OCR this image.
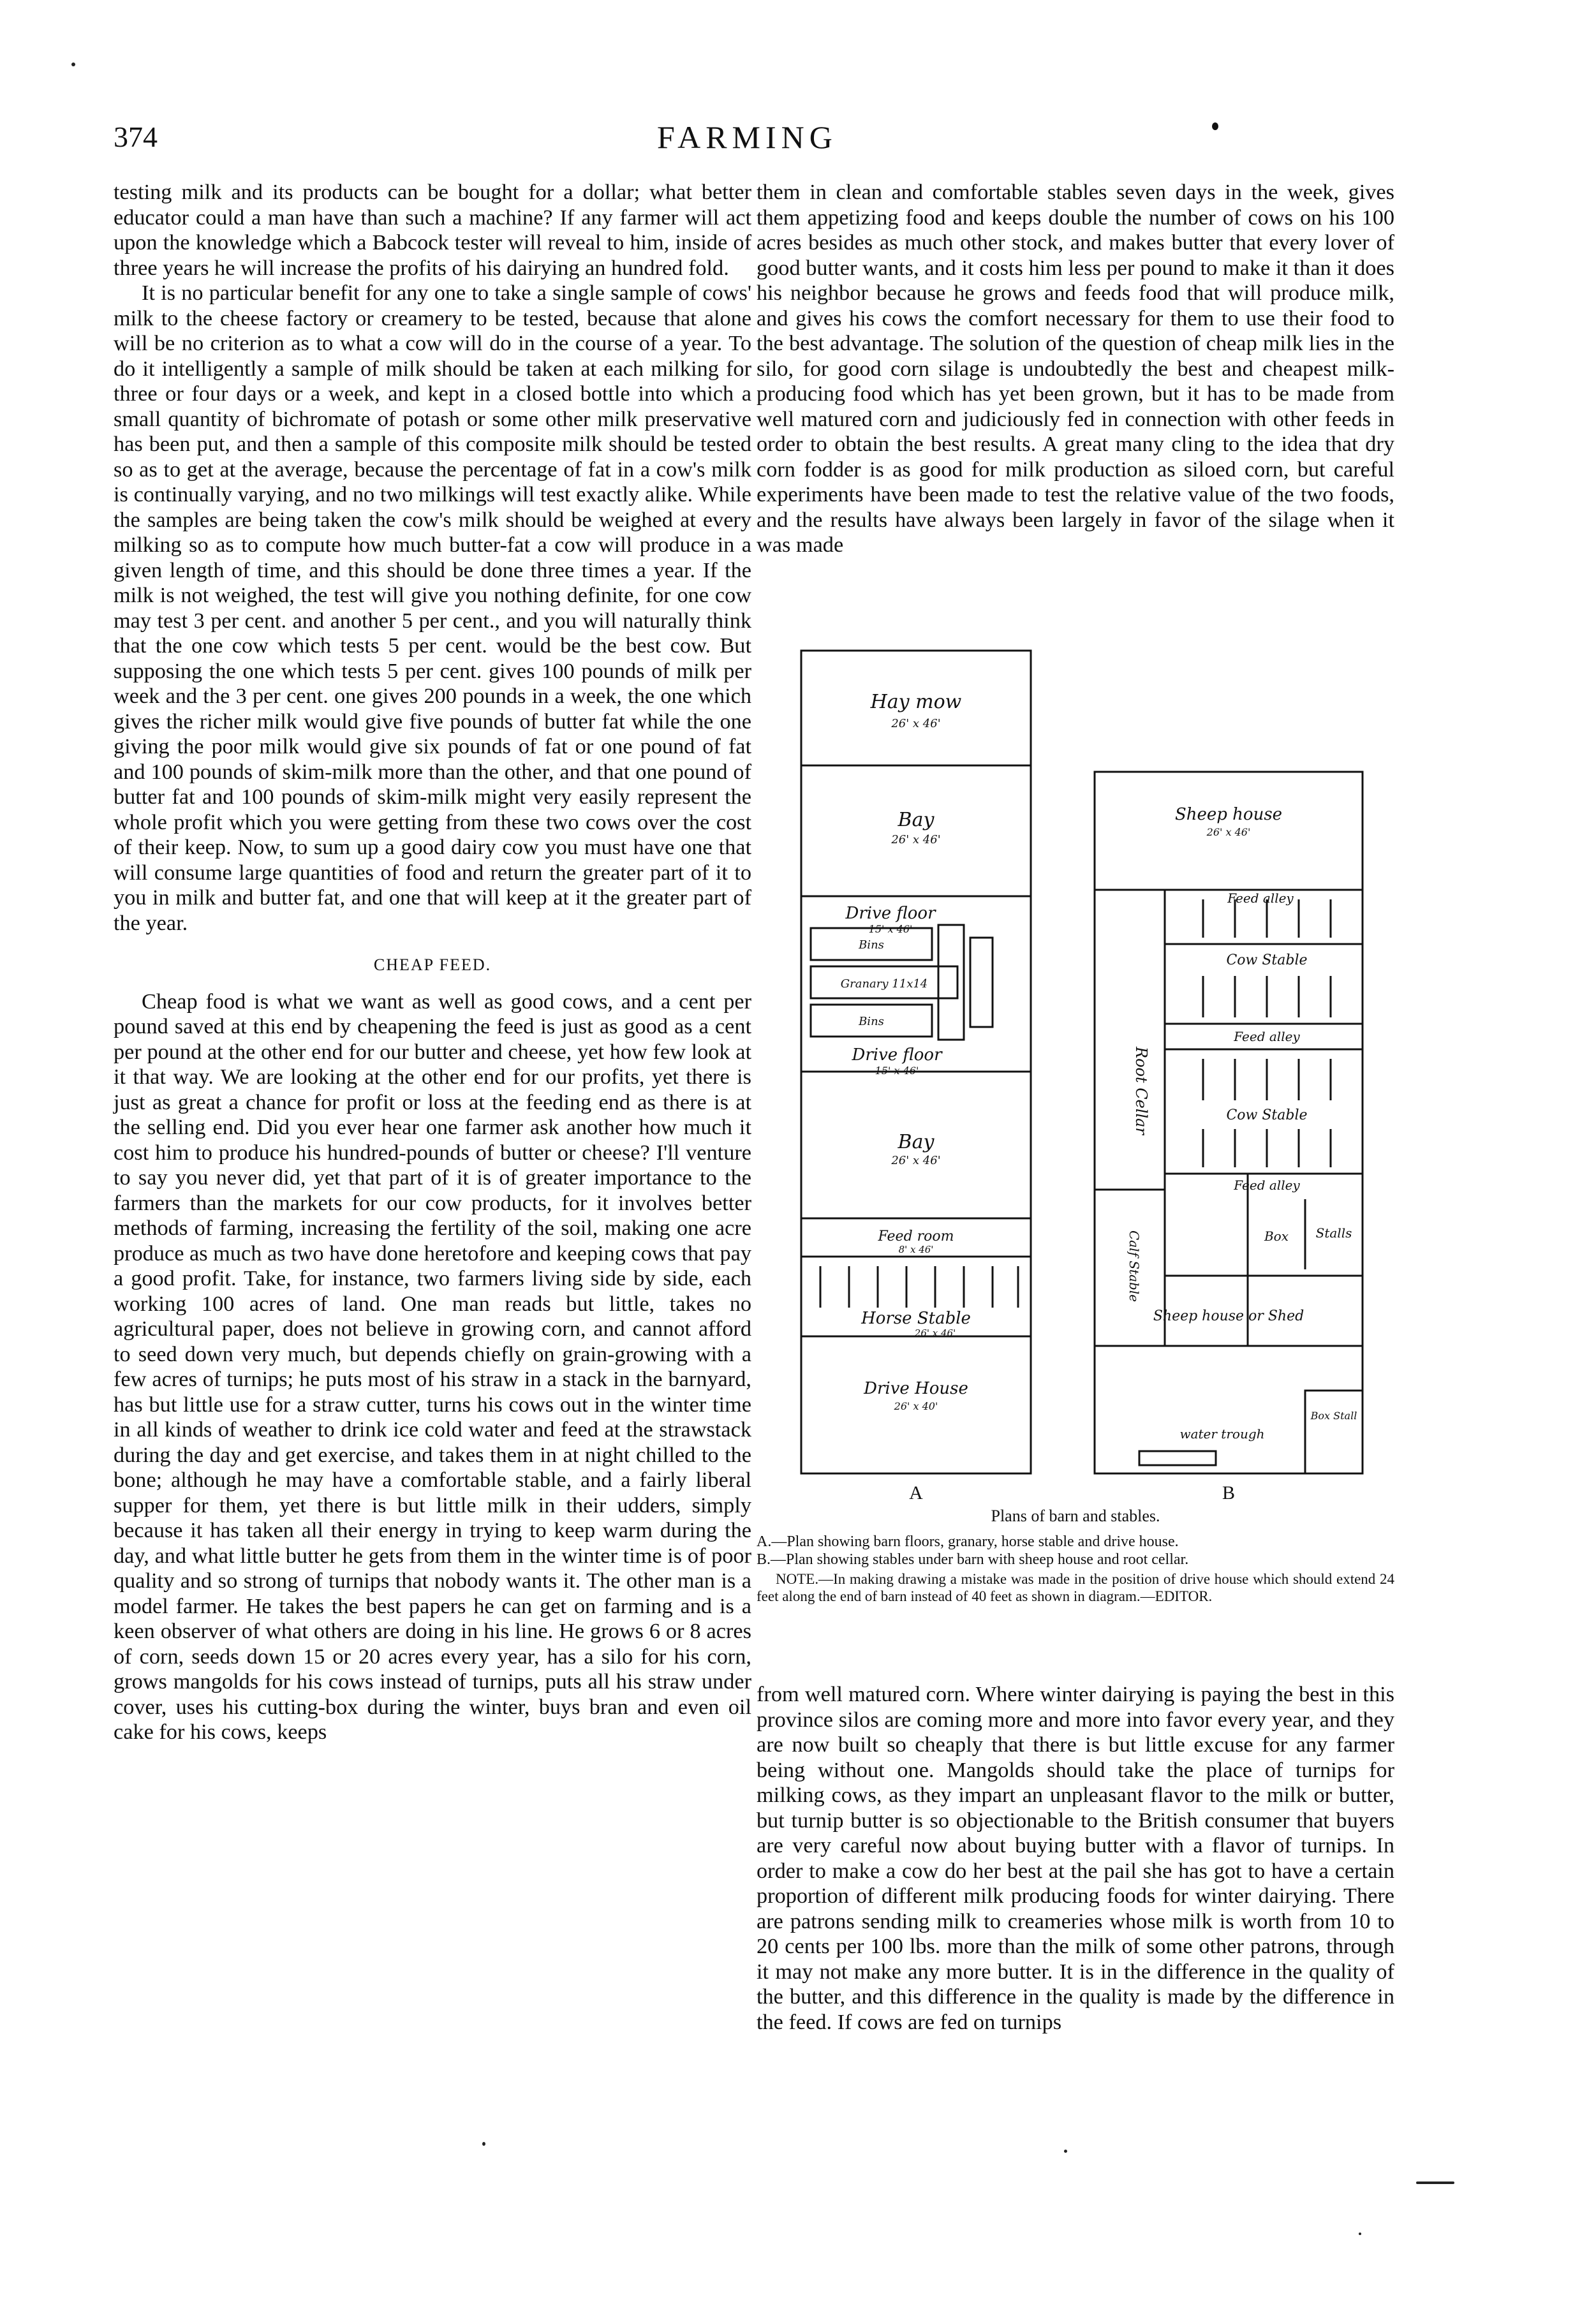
374	FARMING

testing milk and its products can be bought for a dollar; what better educator could a man have than such a machine? If any farmer will act upon the knowledge which a Babcock tester will reveal to him, inside of three years he will increase the profits of his dairying an hundred fold.

It is no particular benefit for any one to take a single sample of cows' milk to the cheese factory or creamery to be tested, because that alone will be no criterion as to what a cow will do in the course of a year. To do it intelligently a sample of milk should be taken at each milking for three or four days or a week, and kept in a closed bottle into which a small quantity of bichromate of potash or some other milk preservative has been put, and then a sample of this composite milk should be tested so as to get at the average, because the percentage of fat in a cow's milk is continually varying, and no two milkings will test exactly alike. While the samples are being taken the cow's milk should be weighed at every milking so as to compute how much butter-fat a cow will produce in a given length of time, and this should be done three times a year. If the milk is not weighed, the test will give you nothing definite, for one cow may test 3 per cent. and another 5 per cent., and you will naturally think that the one cow which tests 5 per cent. would be the best cow. But supposing the one which tests 5 per cent. gives 100 pounds of milk per week and the 3 per cent. one gives 200 pounds in a week, the one which gives the richer milk would give five pounds of butter fat while the one giving the poor milk would give six pounds of fat or one pound of fat and 100 pounds of skim-milk more than the other, and that one pound of butter fat and 100 pounds of skim-milk might very easily represent the whole profit which you were getting from these two cows over the cost of their keep. Now, to sum up a good dairy cow you must have one that will consume large quantities of food and return the greater part of it to you in milk and butter fat, and one that will keep at it the greater part of the year.

CHEAP FEED.

Cheap food is what we want as well as good cows, and a cent per pound saved at this end by cheapening the feed is just as good as a cent per pound at the other end for our butter and cheese, yet how few look at it that way. We are looking at the other end for our profits, yet there is just as great a chance for profit or loss at the feeding end as there is at the selling end. Did you ever hear one farmer ask another how much it cost him to produce his hundred-pounds of butter or cheese? I'll venture to say you never did, yet that part of it is of greater importance to the farmers than the markets for our cow products, for it involves better methods of farming, increasing the fertility of the soil, making one acre produce as much as two have done heretofore and keeping cows that pay a good profit. Take, for instance, two farmers living side by side, each working 100 acres of land. One man reads but little, takes no agricultural paper, does not believe in growing corn, and cannot afford to seed down very much, but depends chiefly on grain-growing with a few acres of turnips; he puts most of his straw in a stack in the barnyard, has but little use for a straw cutter, turns his cows out in the winter time in all kinds of weather to drink ice cold water and feed at the strawstack during the day and get exercise, and takes them in at night chilled to the bone; although he may have a comfortable stable, and a fairly liberal supper for them, yet there is but little milk in their udders, simply because it has taken all their energy in trying to keep warm during the day, and what little butter he gets from them in the winter time is of poor quality and so strong of turnips that nobody wants it. The other man is a model farmer. He takes the best papers he can get on farming and is a keen observer of what others are doing in his line. He grows 6 or 8 acres of corn, seeds down 15 or 20 acres every year, has a silo for his corn, grows mangolds for his cows instead of turnips, puts all his straw under cover, uses his cutting-box during the winter, buys bran and even oil cake for his cows, keeps

them in clean and comfortable stables seven days in the week, gives them appetizing food and keeps double the number of cows on his 100 acres besides as much other stock, and makes butter that every lover of good butter wants, and it costs him less per pound to make it than it does his neighbor because he grows and feeds food that will produce milk, and gives his cows the comfort necessary for them to use their food to the best advantage. The solution of the question of cheap milk lies in the silo, for good corn silage is undoubtedly the best and cheapest milk-producing food which has yet been grown, but it has to be made from well matured corn and judiciously fed in connection with other feeds in order to obtain the best results. A great many cling to the idea that dry corn fodder is as good for milk production as siloed corn, but careful experiments have been made to test the relative value of the two foods, and the results have always been largely in favor of the silage when it was made

Hay mow
26' x 46'
Bay
26' x 46'
Drive floor
15' x 46'
Bins
Granary 11x14
Bins
Drive floor
15' x 46'
Bay
26' x 46'
Feed room
8' x 46'
Horse Stable
26' x 46'
Drive House
26' x 40'
Sheep house
26' x 46'
Feed alley
Cow Stable
Feed alley
Cow Stable
Feed alley
Box Stalls
Sheep house or Shed
water trough
Box Stall
Root Cellar
Calf Stable
A	B
Plans of barn and stables.
A.—Plan showing barn floors, granary, horse stable and drive house.
B.—Plan showing stables under barn with sheep house and root cellar.
NOTE.—In making drawing a mistake was made in the position of drive house which should extend 24 feet along the end of barn instead of 40 feet as shown in diagram.—EDITOR.

from well matured corn. Where winter dairying is paying the best in this province silos are coming more and more into favor every year, and they are now built so cheaply that there is but little excuse for any farmer being without one. Mangolds should take the place of turnips for milking cows, as they impart an unpleasant flavor to the milk or butter, but turnip butter is so objectionable to the British consumer that buyers are very careful now about buying butter with a flavor of turnips. In order to make a cow do her best at the pail she has got to have a certain proportion of different milk producing foods for winter dairying. There are patrons sending milk to creameries whose milk is worth from 10 to 20 cents per 100 lbs. more than the milk of some other patrons, through it may not make any more butter. It is in the difference in the quality of the butter, and this difference in the quality is made by the difference in the feed. If cows are fed on turnips
